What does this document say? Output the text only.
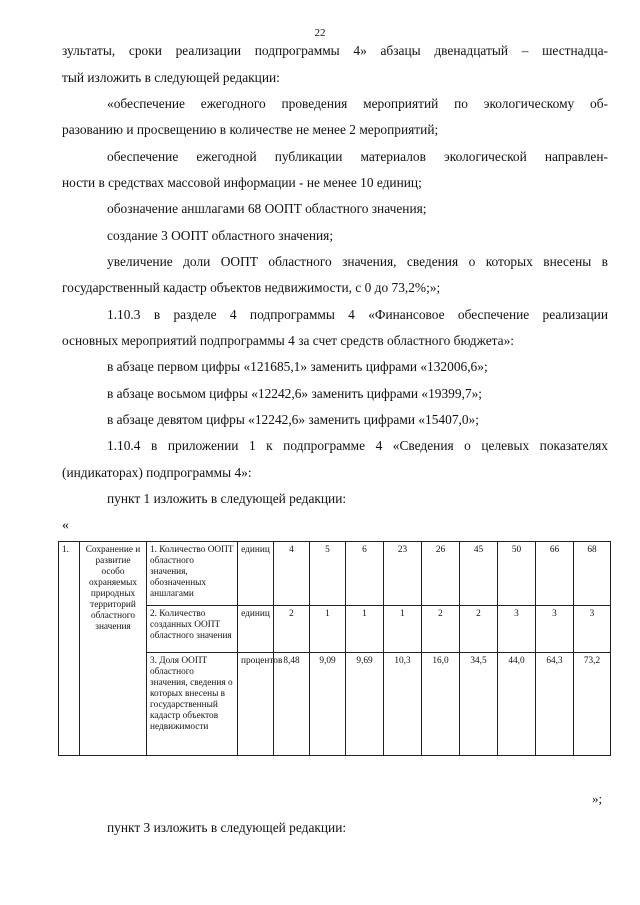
22
зультаты, сроки реализации подпрограммы 4» абзацы двенадцатый – шестнадца-
тый изложить в следующей редакции:
«обеспечение ежегодного проведения мероприятий по экологическому об-
разованию и просвещению в количестве не менее 2 мероприятий;
обеспечение ежегодной публикации материалов экологической направлен-
ности в средствах массовой информации - не менее 10 единиц;
обозначение аншлагами 68 ООПТ областного значения;
создание 3 ООПТ областного значения;
увеличение доли ООПТ областного значения, сведения о которых внесены в
государственный кадастр объектов недвижимости, с 0 до 73,2%;»;
1.10.3 в разделе 4 подпрограммы 4 «Финансовое обеспечение реализации
основных мероприятий подпрограммы 4 за счет средств областного бюджета»:
в абзаце первом цифры «121685,1» заменить цифрами «132006,6»;
в абзаце восьмом цифры «12242,6» заменить цифрами «19399,7»;
в абзаце девятом цифры «12242,6» заменить цифрами «15407,0»;
1.10.4 в приложении 1 к подпрограмме 4 «Сведения о целевых показателях
(индикаторах) подпрограммы 4»:
пункт 1 изложить в следующей редакции:
«
1.	Сохранение и развитие особо охраняемых природных территорий областного значения	1. Количество ООПТ областного значения, обозначенных аншлагами	единиц	4	5	6	23	26	45	50	66	68
		2. Количество созданных ООПТ областного значения	единиц	2	1	1	1	2	2	3	3	3
		3. Доля ООПТ областного значения, сведения о которых внесены в государственный кадастр объектов недвижимости	процентов	8,48	9,09	9,69	10,3	16,0	34,5	44,0	64,3	73,2
»;
пункт 3 изложить в следующей редакции:
